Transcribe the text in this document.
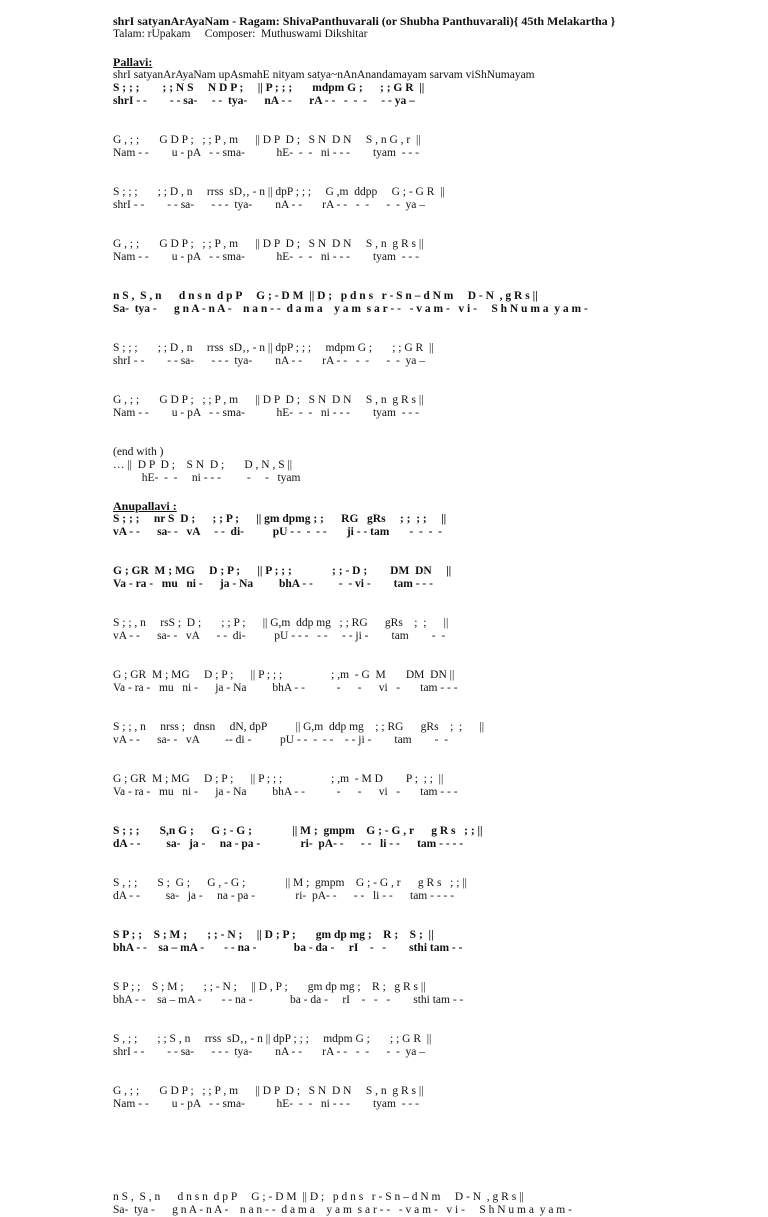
shrI satyanArAyaNam - Ragam: ShivaPanthuvarali (or Shubha Panthuvarali){ 45th Melakartha }
Talam: rUpakam     Composer:  Muthuswami Dikshitar
Pallavi:
shrI satyanArAyaNam upAsmahE nityam satya~nAnAnandamayam sarvam viShNumayam
S ; ; ;        ; ; N S     N D P ;     || P ; ; ;       mdpm G ;      ; ; G R  ||
shrI - -        - - sa-     - -  tya-      nA - -      rA - -   -  -  -     - - ya –
G , ; ;       G D P ;   ; ; P , m      || D P  D ;   S N  D N     S , n G , r  ||
Nam - -        u - pA   - - sma-           hE-  -  -   ni - - -        tyam  - - -
S ; ; ;       ; ; D , n     rrss  sD‚‚ - n || dpP ; ; ;     G ,m  ddpp     G ; - G R  ||
shrI - -        - - sa-      - - -  tya-        nA - -       rA - -   -  -      -  -  ya –
G , ; ;       G D P ;   ; ; P , m      || D P  D ;   S N  D N     S , n  g R s ||
Nam - -        u - pA   - - sma-           hE-  -  -   ni - - -        tyam  - - -
n S ,  S , n      d n s n  d p P     G ; - D M  || D ;   p d n s   r - S n – d N m     D - N  , g R s ||
Sa-  tya -      g n A - n A -    n a n - -  d a m a    y a m  s a r - -   - v a m -   v i -     S h N u m a  y a m -
S ; ; ;       ; ; D , n     rrss  sD‚‚ - n || dpP ; ; ;     mdpm G ;       ; ; G R  ||
shrI - -        - - sa-      - - -  tya-        nA - -       rA - -   -  -      -  -  ya –
G , ; ;       G D P ;   ; ; P , m      || D P  D ;   S N  D N     S , n  g R s ||
Nam - -        u - pA   - - sma-           hE-  -  -   ni - - -        tyam  - - -
(end with )
… ||  D P  D ;    S N  D ;       D , N , S ||
hE-  -  -     ni - - -         -     -   tyam
Anupallavi :
S ; ; ;     nr S  D ;      ; ; P ;      || gm dpmg ; ;      RG   gRs     ; ;  ; ;     ||
vA - -      sa- -   vA     - -  di-          pU - -  -  - -       ji - - tam       -  -  -  -
G ; GR  M ; MG     D ; P ;      || P ; ; ;              ; ; - D ;        DM  DN     ||
Va - ra -   mu   ni -      ja - Na         bhA - -         -  - vi -        tam - - -
S ; ; , n     rsS ;  D ;       ; ; P ;      || G,m  ddp mg   ; ; RG      gRs    ;  ;      ||
vA - -      sa- -   vA      - -  di-          pU - - -   - -     - - ji -        tam        -  -
G ; GR  M ; MG     D ; P ;      || P ; ; ;                 ; ,m  - G  M       DM  DN ||
Va - ra -   mu   ni -      ja - Na         bhA - -           -      -      vi   -       tam - - -
S ; ; , n     nrss ;   dnsn     dN, dpP          || G,m  ddp mg    ; ; RG      gRs    ;  ;      ||
vA - -      sa- -   vA         -- di -          pU - -  -  - -    - - ji -        tam        -  -
G ; GR  M ; MG     D ; P ;      || P ; ; ;                 ; ,m  - M D        P ;  ; ;  ||
Va - ra -   mu   ni -      ja - Na         bhA - -           -      -      vi   -       tam - - -
S ; ; ;       S,n G ;      G ; - G ;              || M ;  gmpm    G ; - G , r      g R s   ; ; ||
dA - -         sa-   ja -     na - pa -              ri-  pA- -      - -   li - -      tam - - - -
S , ; ;       S ;  G ;      G , - G ;              || M ;  gmpm    G ; - G , r      g R s   ; ; ||
dA - -         sa-   ja -     na - pa -              ri-  pA- -      - -   li - -      tam - - - -
S P ; ;    S ; M ;       ; ; - N ;     || D ; P ;       gm dp mg ;    R ;    S ;  ||
bhA - -    sa – mA -       - - na -             ba - da -     rI    -   -        sthi tam - -
S P ; ;    S ; M ;       ; ; - N ;     || D , P ;       gm dp mg ;    R ;   g R s ||
bhA - -    sa – mA -       - - na -             ba - da -     rI    -   -   -        sthi tam - -
S , ; ;       ; ; S , n     rrss  sD‚‚ - n || dpP ; ; ;     mdpm G ;       ; ; G R  ||
shrI - -        - - sa-      - - -  tya-        nA - -       rA - -   -  -      -  -  ya –
G , ; ;       G D P ;   ; ; P , m      || D P  D ;   S N  D N     S , n  g R s ||
Nam - -        u - pA   - - sma-           hE-  -  -   ni - - -        tyam  - - -
n S ,  S , n      d n s n  d p P     G ; - D M  || D ;   p d n s   r - S n – d N m     D - N  , g R s ||
Sa-  tya -      g n A - n A -    n a n - -  d a m a    y a m  s a r - -   - v a m -   v i -     S h N u m a  y a m -
